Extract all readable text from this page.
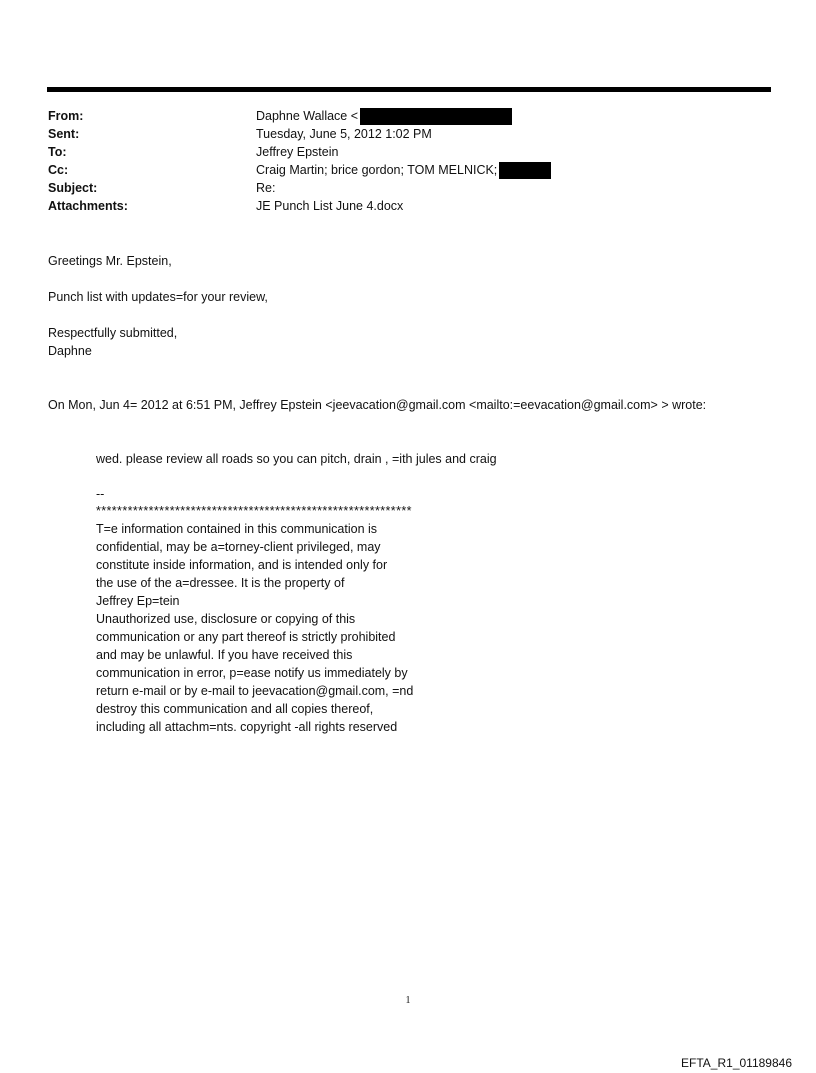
From:
Sent:
To:
Cc:
Subject:
Attachments:
Daphne Wallace <
Tuesday, June 5, 2012 1:02 PM
Jeffrey Epstein
Craig Martin; brice gordon; TOM MELNICK;
Re:
JE Punch List June 4.docx
Greetings Mr. Epstein,
Punch list with updates=for your review,
Respectfully submitted,
Daphne
On Mon, Jun 4= 2012 at 6:51 PM, Jeffrey Epstein <jeevacation@gmail.com <mailto:=eevacation@gmail.com> > wrote:
wed. please review all roads so you can pitch, drain , =ith jules and craig
--
************************************************************
T=e information contained in this communication is
confidential, may be a=torney-client privileged, may
constitute inside information, and is intended only for
the use of the a=dressee. It is the property of
Jeffrey Ep=tein
Unauthorized use, disclosure or copying of this
communication or any part thereof is strictly prohibited
and may be unlawful. If you have received this
communication in error, p=ease notify us immediately by
return e-mail or by e-mail to jeevacation@gmail.com, =nd
destroy this communication and all copies thereof,
including all attachm=nts. copyright -all rights reserved
1
EFTA_R1_01189846
